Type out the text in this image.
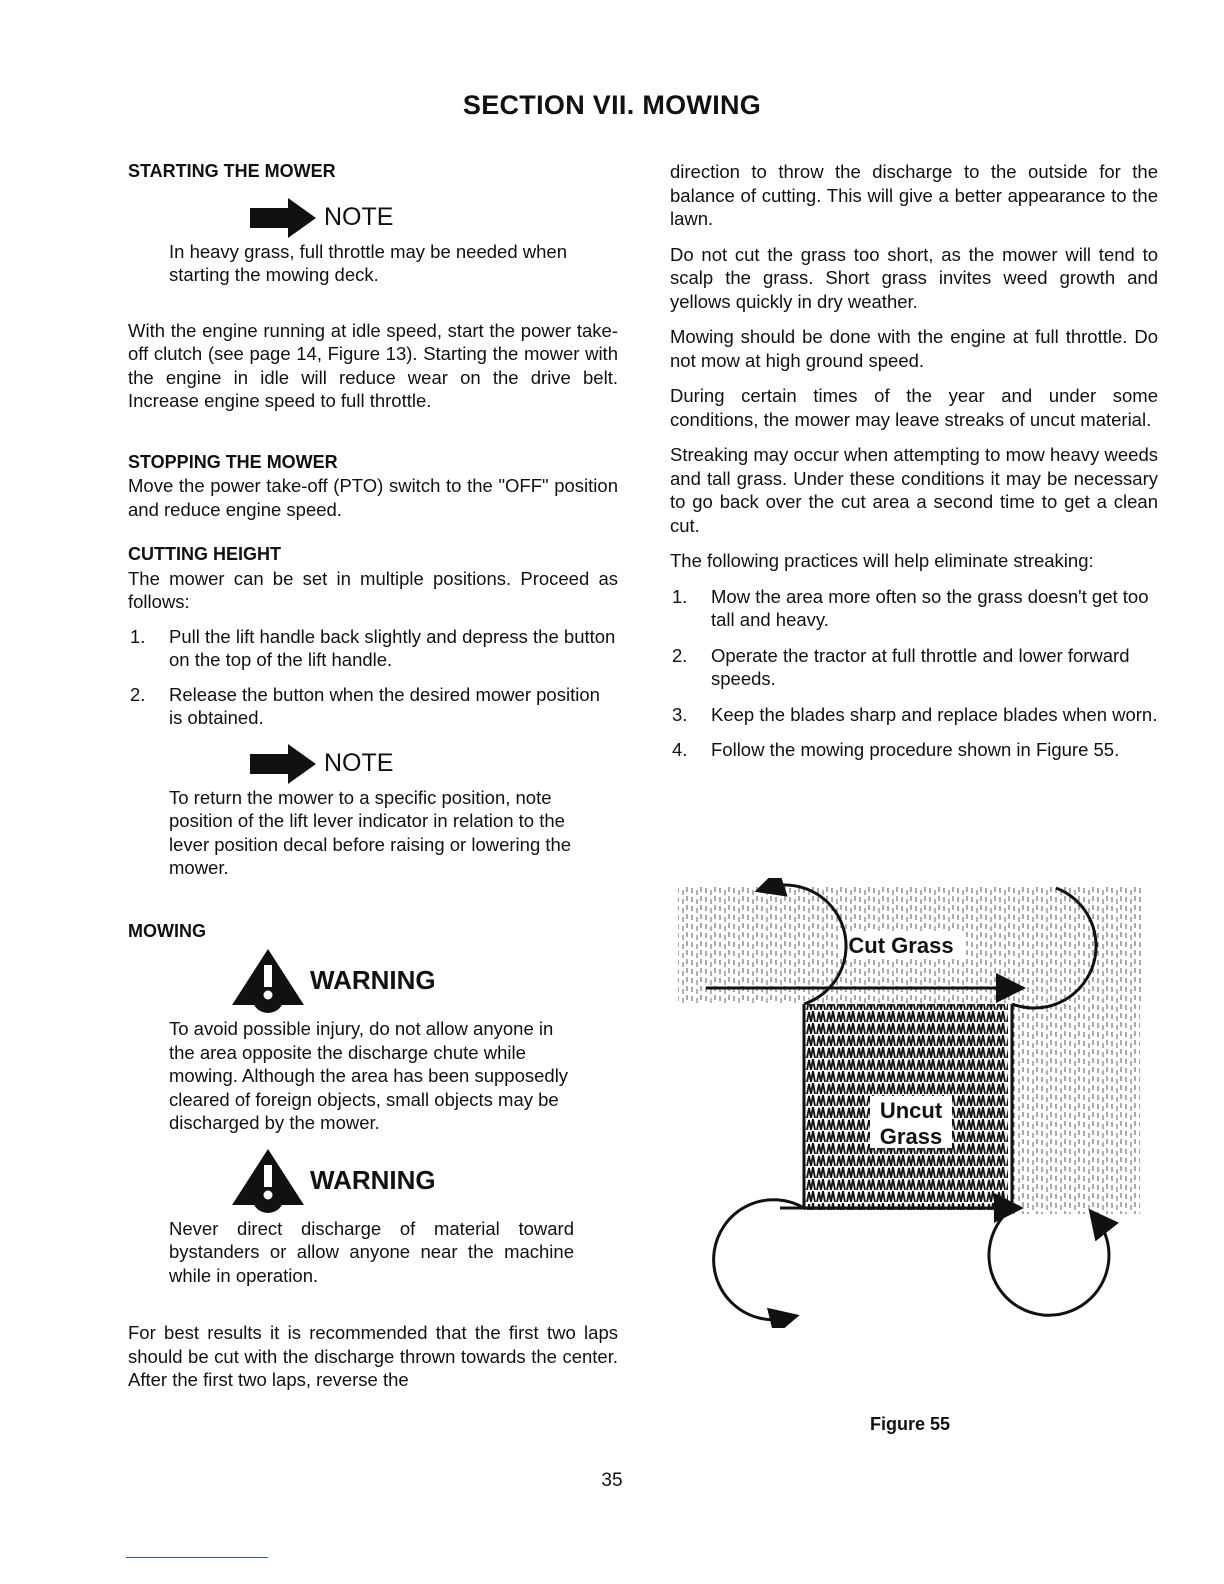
SECTION VII. MOWING
STARTING THE MOWER
NOTE

In heavy grass, full throttle may be needed when starting the mowing deck.

With the engine running at idle speed, start the power take-off clutch (see page 14, Figure 13). Starting the mower with the engine in idle will reduce wear on the drive belt. Increase engine speed to full throttle.

STOPPING THE MOWER

Move the power take-off (PTO) switch to the "OFF" position and reduce engine speed.

CUTTING HEIGHT

The mower can be set in multiple positions. Proceed as follows:

1. Pull the lift handle back slightly and depress the button on the top of the lift handle.
2. Release the button when the desired mower position is obtained.
NOTE

To return the mower to a specific position, note position of the lift lever indicator in relation to the lever position decal before raising or lowering the mower.

MOWING
WARNING

To avoid possible injury, do not allow anyone in the area opposite the discharge chute while mowing. Although the area has been supposedly cleared of foreign objects, small objects may be discharged by the mower.

WARNING

Never direct discharge of material toward bystanders or allow anyone near the machine while in operation.

For best results it is recommended that the first two laps should be cut with the discharge thrown towards the center. After the first two laps, reverse the

direction to throw the discharge to the outside for the balance of cutting. This will give a better appearance to the lawn.

Do not cut the grass too short, as the mower will tend to scalp the grass. Short grass invites weed growth and yellows quickly in dry weather.

Mowing should be done with the engine at full throttle. Do not mow at high ground speed.

During certain times of the year and under some conditions, the mower may leave streaks of uncut material.

Streaking may occur when attempting to mow heavy weeds and tall grass. Under these conditions it may be necessary to go back over the cut area a second time to get a clean cut.

The following practices will help eliminate streaking:

1. Mow the area more often so the grass doesn't get too tall and heavy.
2. Operate the tractor at full throttle and lower forward speeds.
3. Keep the blades sharp and replace blades when worn.
4. Follow the mowing procedure shown in Figure 55.
Cut Grass
Uncut
Grass
Figure 55
35
